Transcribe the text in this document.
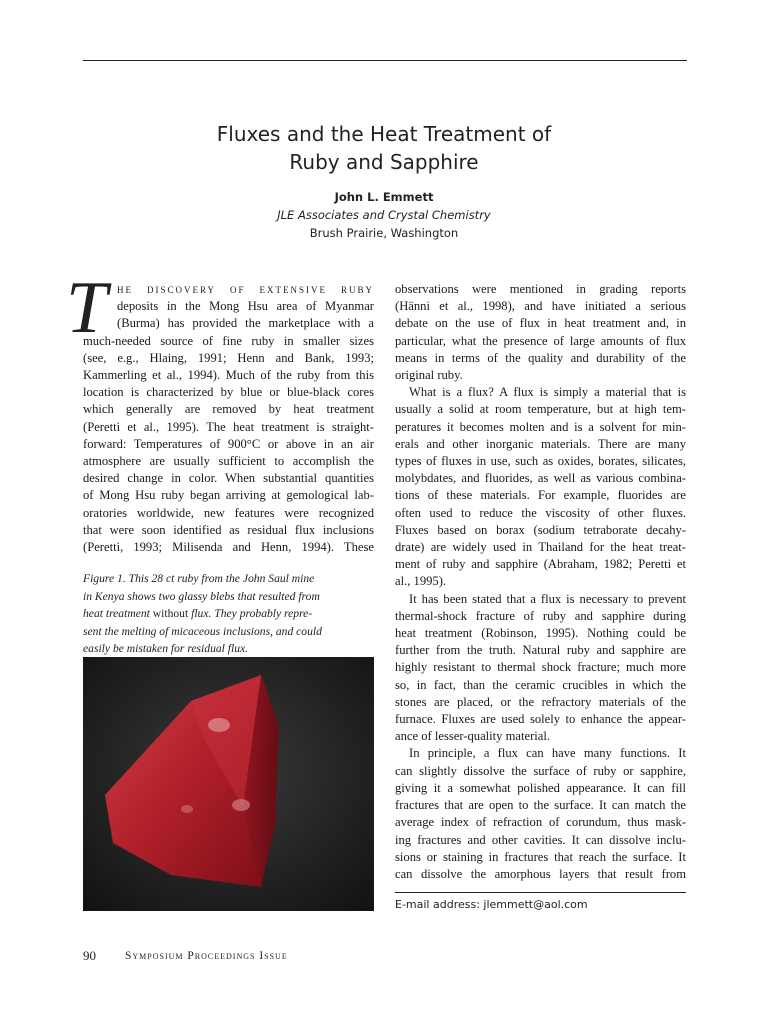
Fluxes and the Heat Treatment of
Ruby and Sapphire
John L. Emmett
JLE Associates and Crystal Chemistry
Brush Prairie, Washington
T he discovery of extensive ruby
deposits in the Mong Hsu area of Myanmar
(Burma) has provided the marketplace with a
much-needed source of fine ruby in smaller sizes
(see, e.g., Hlaing, 1991; Henn and Bank, 1993;
Kammerling et al., 1994). Much of the ruby from this
location is characterized by blue or blue-black cores
which generally are removed by heat treatment
(Peretti et al., 1995). The heat treatment is straight-
forward: Temperatures of 900°C or above in an air
atmosphere are usually sufficient to accomplish the
desired change in color. When substantial quantities
of Mong Hsu ruby began arriving at gemological lab-
oratories worldwide, new features were recognized
that were soon identified as residual flux inclusions
(Peretti, 1993; Milisenda and Henn, 1994). These
Figure 1. This 28 ct ruby from the John Saul mine
in Kenya shows two glassy blebs that resulted from
heat treatment without flux. They probably repre-
sent the melting of micaceous inclusions, and could
easily be mistaken for residual flux.
observations were mentioned in grading reports
(Hänni et al., 1998), and have initiated a serious
debate on the use of flux in heat treatment and, in
particular, what the presence of large amounts of flux
means in terms of the quality and durability of the
original ruby.
What is a flux? A flux is simply a material that is
usually a solid at room temperature, but at high tem-
peratures it becomes molten and is a solvent for min-
erals and other inorganic materials. There are many
types of fluxes in use, such as oxides, borates, silicates,
molybdates, and fluorides, as well as various combina-
tions of these materials. For example, fluorides are
often used to reduce the viscosity of other fluxes.
Fluxes based on borax (sodium tetraborate decahy-
drate) are widely used in Thailand for the heat treat-
ment of ruby and sapphire (Abraham, 1982; Peretti et
al., 1995).
It has been stated that a flux is necessary to prevent
thermal-shock fracture of ruby and sapphire during
heat treatment (Robinson, 1995). Nothing could be
further from the truth. Natural ruby and sapphire are
highly resistant to thermal shock fracture; much more
so, in fact, than the ceramic crucibles in which the
stones are placed, or the refractory materials of the
furnace. Fluxes are used solely to enhance the appear-
ance of lesser-quality material.
In principle, a flux can have many functions. It
can slightly dissolve the surface of ruby or sapphire,
giving it a somewhat polished appearance. It can fill
fractures that are open to the surface. It can match the
average index of refraction of corundum, thus mask-
ing fractures and other cavities. It can dissolve inclu-
sions or staining in fractures that reach the surface. It
can dissolve the amorphous layers that result from
E-mail address: jlemmett@aol.com
90	Symposium Proceedings Issue
